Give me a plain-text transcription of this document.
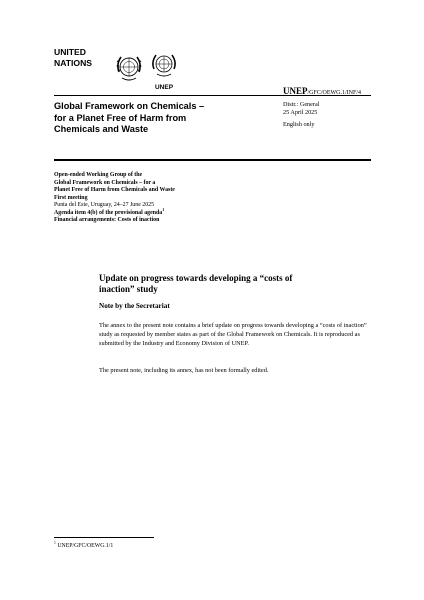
UNITED
NATIONS
UNEP	UNEP/GFC/OEWG.1/INF/4
Global Framework on Chemicals –
for a Planet Free of Harm from
Chemicals and Waste
Distr.: General
25 April 2025
English only
Open-ended Working Group of the
Global Framework on Chemicals – for a
Planet Free of Harm from Chemicals and Waste
First meeting
Punta del Este, Uruguay, 24–27 June 2025
Agenda item 4(b) of the provisional agenda$^1$
Financial arrangements: Costs of inaction
Update on progress towards developing a “costs of
inaction” study
Note by the Secretariat

The annex to the present note contains a brief update on progress towards developing a “costs of inaction” study as requested by member states as part of the Global Framework on Chemicals. It is reproduced as submitted by the Industry and Economy Division of UNEP.

The present note, including its annex, has not been formally edited.

$^1$ UNEP/GFC/OEWG.1/1
